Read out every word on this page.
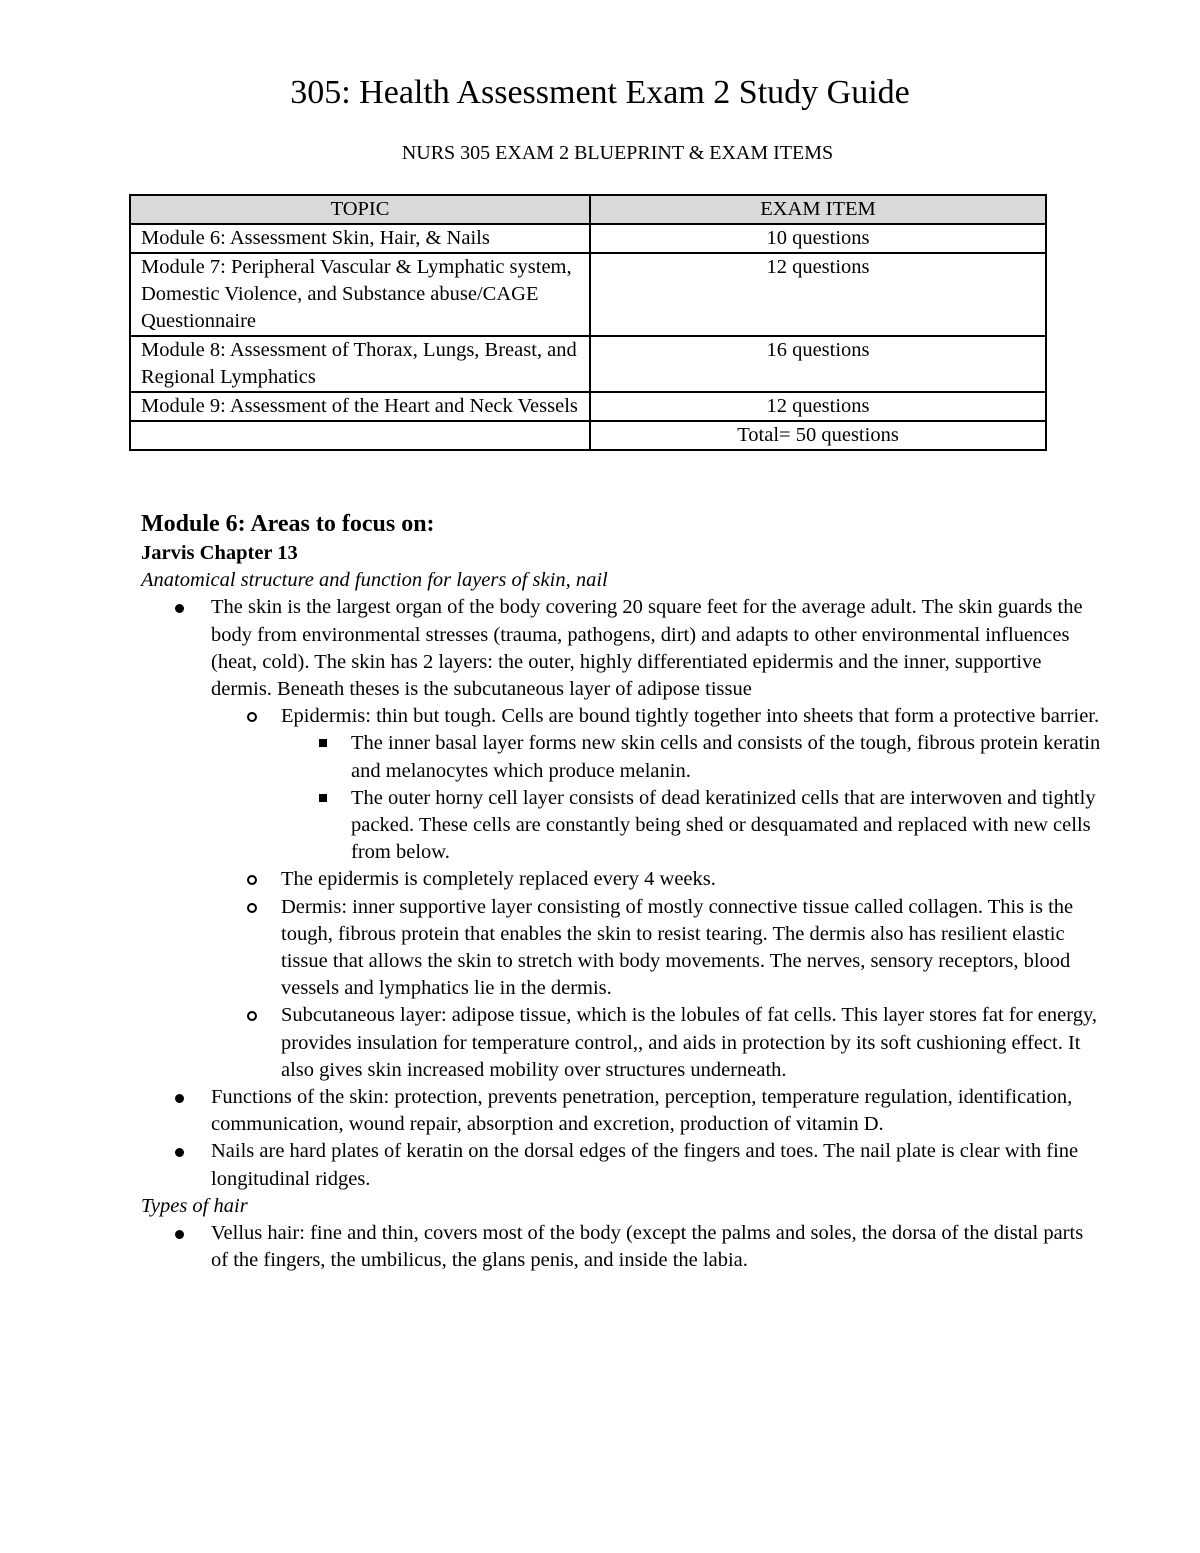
305: Health Assessment Exam 2 Study Guide
NURS 305 EXAM 2 BLUEPRINT & EXAM ITEMS
TOPIC	EXAM ITEM
Module 6: Assessment Skin, Hair, & Nails	10 questions
Module 7: Peripheral Vascular & Lymphatic system, Domestic Violence, and Substance abuse/CAGE Questionnaire	12 questions
Module 8: Assessment of Thorax, Lungs, Breast, and Regional Lymphatics	16 questions
Module 9: Assessment of the Heart and Neck Vessels	12 questions
	Total= 50 questions

Module 6: Areas to focus on:

Jarvis Chapter 13

Anatomical structure and function for layers of skin, nail

The skin is the largest organ of the body covering 20 square feet for the average adult. The skin guards the body from environmental stresses (trauma, pathogens, dirt) and adapts to other environmental influences (heat, cold). The skin has 2 layers: the outer, highly differentiated epidermis and the inner, supportive dermis. Beneath theses is the subcutaneous layer of adipose tissue
Epidermis: thin but tough. Cells are bound tightly together into sheets that form a protective barrier.
The inner basal layer forms new skin cells and consists of the tough, fibrous protein keratin and melanocytes which produce melanin.
The outer horny cell layer consists of dead keratinized cells that are interwoven and tightly packed. These cells are constantly being shed or desquamated and replaced with new cells from below.
The epidermis is completely replaced every 4 weeks.
Dermis: inner supportive layer consisting of mostly connective tissue called collagen. This is the tough, fibrous protein that enables the skin to resist tearing. The dermis also has resilient elastic tissue that allows the skin to stretch with body movements. The nerves, sensory receptors, blood vessels and lymphatics lie in the dermis.
Subcutaneous layer: adipose tissue, which is the lobules of fat cells. This layer stores fat for energy, provides insulation for temperature control,, and aids in protection by its soft cushioning effect. It also gives skin increased mobility over structures underneath.
Functions of the skin: protection, prevents penetration, perception, temperature regulation, identification, communication, wound repair, absorption and excretion, production of vitamin D.
Nails are hard plates of keratin on the dorsal edges of the fingers and toes. The nail plate is clear with fine longitudinal ridges.

Types of hair

Vellus hair: fine and thin, covers most of the body (except the palms and soles, the dorsa of the distal parts of the fingers, the umbilicus, the glans penis, and inside the labia.
